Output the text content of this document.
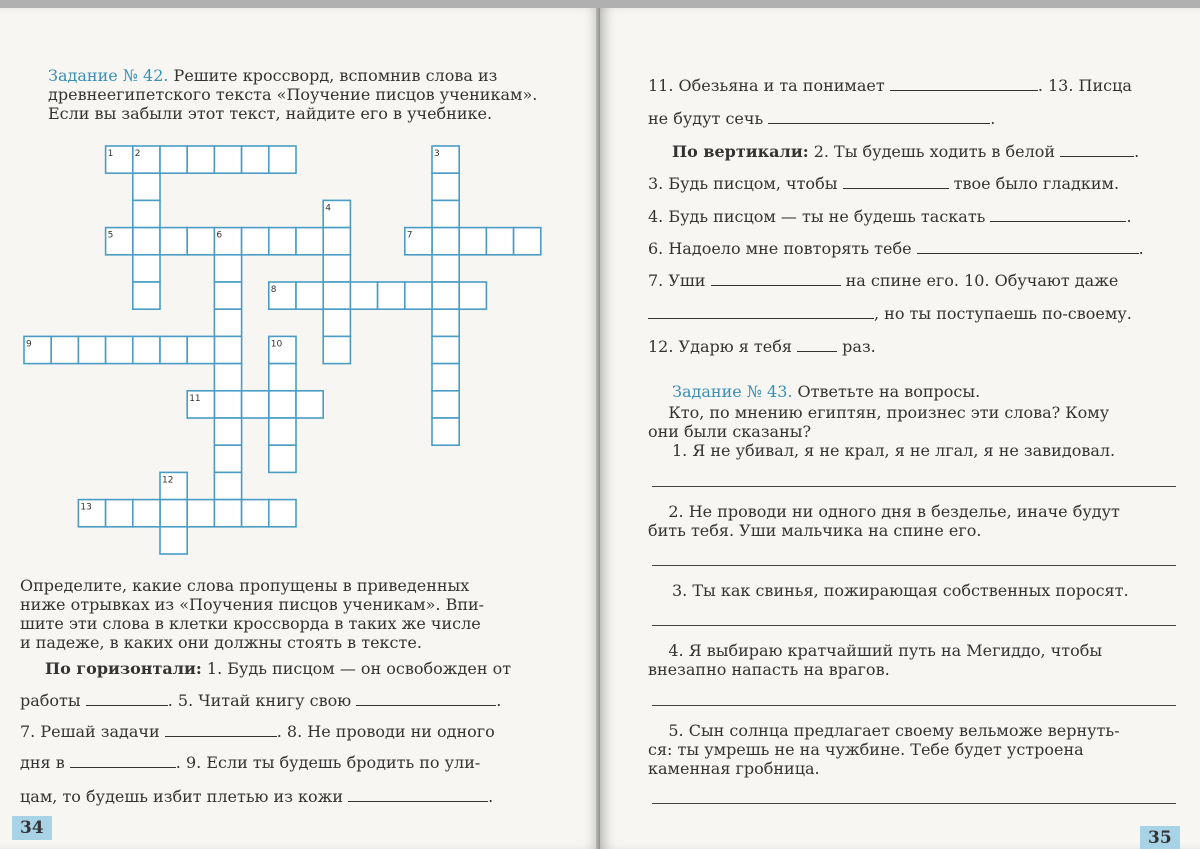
Задание № 42. Решите кроссворд, вспомнив слова из
древнеегипетского текста «Поучение писцов ученикам».
Если вы забыли этот текст, найдите его в учебнике.
1 2	3
4
5	6	7
8
9	10
11
12
13
Определите, какие слова пропущены в приведенных
ниже отрывках из «Поучения писцов ученикам». Впи-
шите эти слова в клетки кроссворда в таких же числе
и падеже, в каких они должны стоять в тексте.
По горизонтали: 1. Будь писцом — он освобожден от
работы	. 5. Читай книгу свою	.
7. Решай задачи	. 8. Не проводи ни одного
дня в	. 9. Если ты будешь бродить по ули-
цам, то будешь избит плетью из кожи	.
34
11. Обезьяна и та понимает	. 13. Писца
не будут сечь	.
По вертикали: 2. Ты будешь ходить в белой	.
3. Будь писцом, чтобы	твое было гладким.
4. Будь писцом — ты не будешь таскать	.
6. Надоело мне повторять тебе	.
7. Уши	на спине его. 10. Обучают даже
, но ты поступаешь по-своему.
12. Ударю я тебя	раз.
Задание № 43. Ответьте на вопросы.
Кто, по мнению египтян, произнес эти слова? Кому
они были сказаны?
1. Я не убивал, я не крал, я не лгал, я не завидовал.
2. Не проводи ни одного дня в безделье, иначе будут
бить тебя. Уши мальчика на спине его.
3. Ты как свинья, пожирающая собственных поросят.
4. Я выбираю кратчайший путь на Мегиддо, чтобы
внезапно напасть на врагов.
5. Сын солнца предлагает своему вельможе вернуть-
ся: ты умрешь не на чужбине. Тебе будет устроена
каменная гробница.
35
